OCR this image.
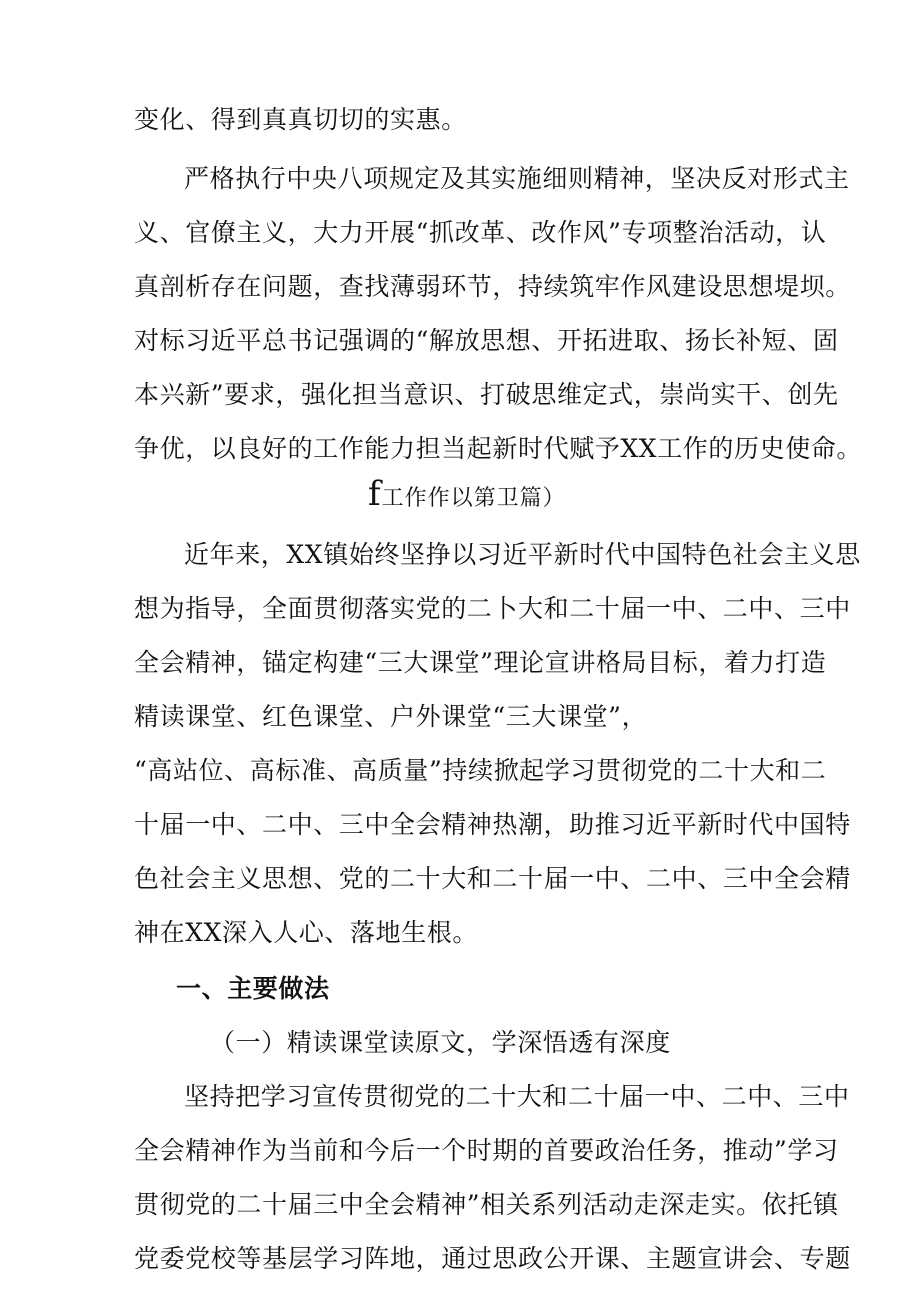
变化、得到真真切切的实惠。
严格执行中央八项规定及其实施细则精神，坚决反对形式主
义、官僚主义，大力开展“抓改革、改作风”专项整治活动，认
真剖析存在问题，查找薄弱环节，持续筑牢作风建设思想堤坝。
对标习近平总书记强调的“解放思想、开拓进取、扬长补短、固
本兴新”要求，强化担当意识、打破思维定式，崇尚实干、创先
争优，以良好的工作能力担当起新时代赋予XX工作的历史使命。
f工作作以第卫篇）
近年来，XX镇始终坚挣以习近平新时代中国特色社会主义思
想为指导，全面贯彻落实党的二卜大和二十届一中、二中、三中
全会精神，锚定构建“三大课堂”理论宣讲格局目标，着力打造
精读课堂、红色课堂、户外课堂“三大课堂”，
“高站位、高标准、高质量”持续掀起学习贯彻党的二十大和二
十届一中、二中、三中全会精神热潮，助推习近平新时代中国特
色社会主义思想、党的二十大和二十届一中、二中、三中全会精
神在XX深入人心、落地生根。
一、主要做法
（一）精读课堂读原文，学深悟透有深度
坚持把学习宣传贯彻党的二十大和二十届一中、二中、三中
全会精神作为当前和今后一个时期的首要政治任务，推动”学习
贯彻党的二十届三中全会精神”相关系列活动走深走实。依托镇
党委党校等基层学习阵地，通过思政公开课、主题宣讲会、专题
